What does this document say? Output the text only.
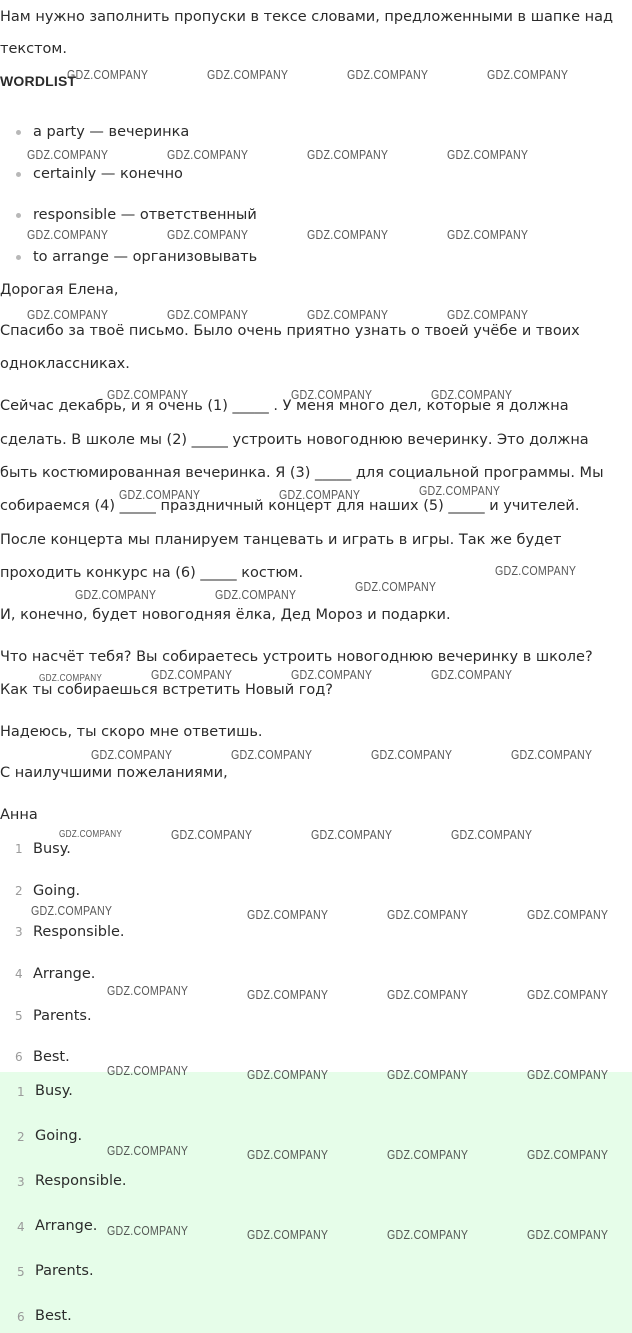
Нам нужно заполнить пропуски в тексе словами, предложенными в шапке над

текстом.

WORDLIST
a party — вечеринка
certainly — конечно
responsible — ответственный
to arrange — организовывать

Дорогая Елена,

Спасибо за твоё письмо. Было очень приятно узнать о твоей учёбе и твоих

одноклассниках.

Сейчас декабрь, и я очень (1) _____ . У меня много дел, которые я должна

сделать. В школе мы (2) _____ устроить новогоднюю вечеринку. Это должна

быть костюмированная вечеринка. Я (3) _____ для социальной программы. Мы

собираемся (4) _____ праздничный концерт для наших (5) _____ и учителей.

После концерта мы планируем танцевать и играть в игры. Так же будет

проходить конкурс на (6) _____ костюм.

И, конечно, будет новогодняя ёлка, Дед Мороз и подарки.

Что насчёт тебя? Вы собираетесь устроить новогоднюю вечеринку в школе?

Как ты собираешься встретить Новый год?

Надеюсь, ты скоро мне ответишь.

С наилучшими пожеланиями,

Анна

1 Busy.
2 Going.
3 Responsible.
4 Arrange.
5 Parents.
6 Best.
1 Busy.
2 Going.
3 Responsible.
4 Arrange.
5 Parents.
6 Best.
GDZ.COMPANY	GDZ.COMPANY	GDZ.COMPANY	GDZ.COMPANY
GDZ.COMPANY	GDZ.COMPANY	GDZ.COMPANY	GDZ.COMPANY
GDZ.COMPANY	GDZ.COMPANY	GDZ.COMPANY	GDZ.COMPANY
GDZ.COMPANY	GDZ.COMPANY	GDZ.COMPANY	GDZ.COMPANY
GDZ.COMPANY	GDZ.COMPANY	GDZ.COMPANY
GDZ.COMPANY	GDZ.COMPANY	GDZ.COMPANY
GDZ.COMPANY
GDZ.COMPANY
GDZ.COMPANY	GDZ.COMPANY
GDZ.COMPANY	GDZ.COMPANY	GDZ.COMPANY	GDZ.COMPANY
GDZ.COMPANY	GDZ.COMPANY	GDZ.COMPANY	GDZ.COMPANY
GDZ.COMPANY	GDZ.COMPANY	GDZ.COMPANY	GDZ.COMPANY
GDZ.COMPANY	GDZ.COMPANY	GDZ.COMPANY	GDZ.COMPANY
GDZ.COMPANY	GDZ.COMPANY	GDZ.COMPANY	GDZ.COMPANY
GDZ.COMPANY	GDZ.COMPANY	GDZ.COMPANY	GDZ.COMPANY
GDZ.COMPANY	GDZ.COMPANY	GDZ.COMPANY	GDZ.COMPANY
GDZ.COMPANY	GDZ.COMPANY	GDZ.COMPANY	GDZ.COMPANY
